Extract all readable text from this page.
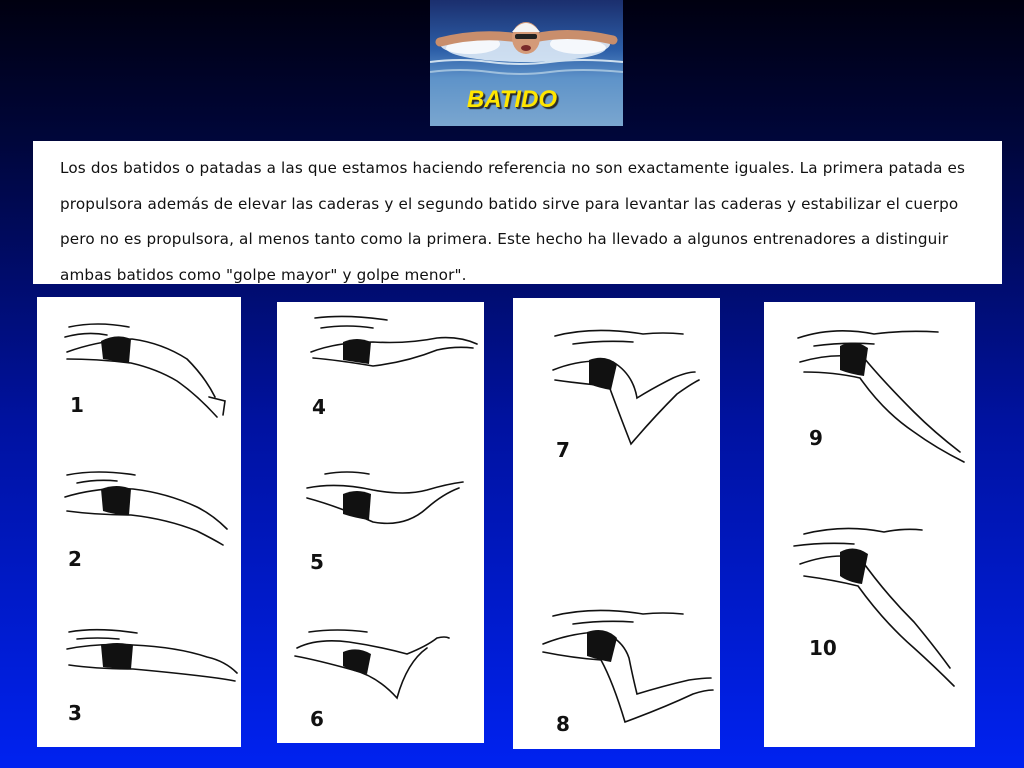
BATIDO

Los dos batidos o patadas a las que estamos haciendo referencia no son exactamente iguales. La primera patada es propulsora además de elevar las caderas y el segundo batido sirve para levantar las caderas y estabilizar el cuerpo pero no es propulsora, al menos tanto como la primera. Este hecho ha llevado a algunos entrenadores a distinguir ambas batidos como "golpe mayor" y golpe menor".

1
2
3
4
5
6
7
8
9
10
